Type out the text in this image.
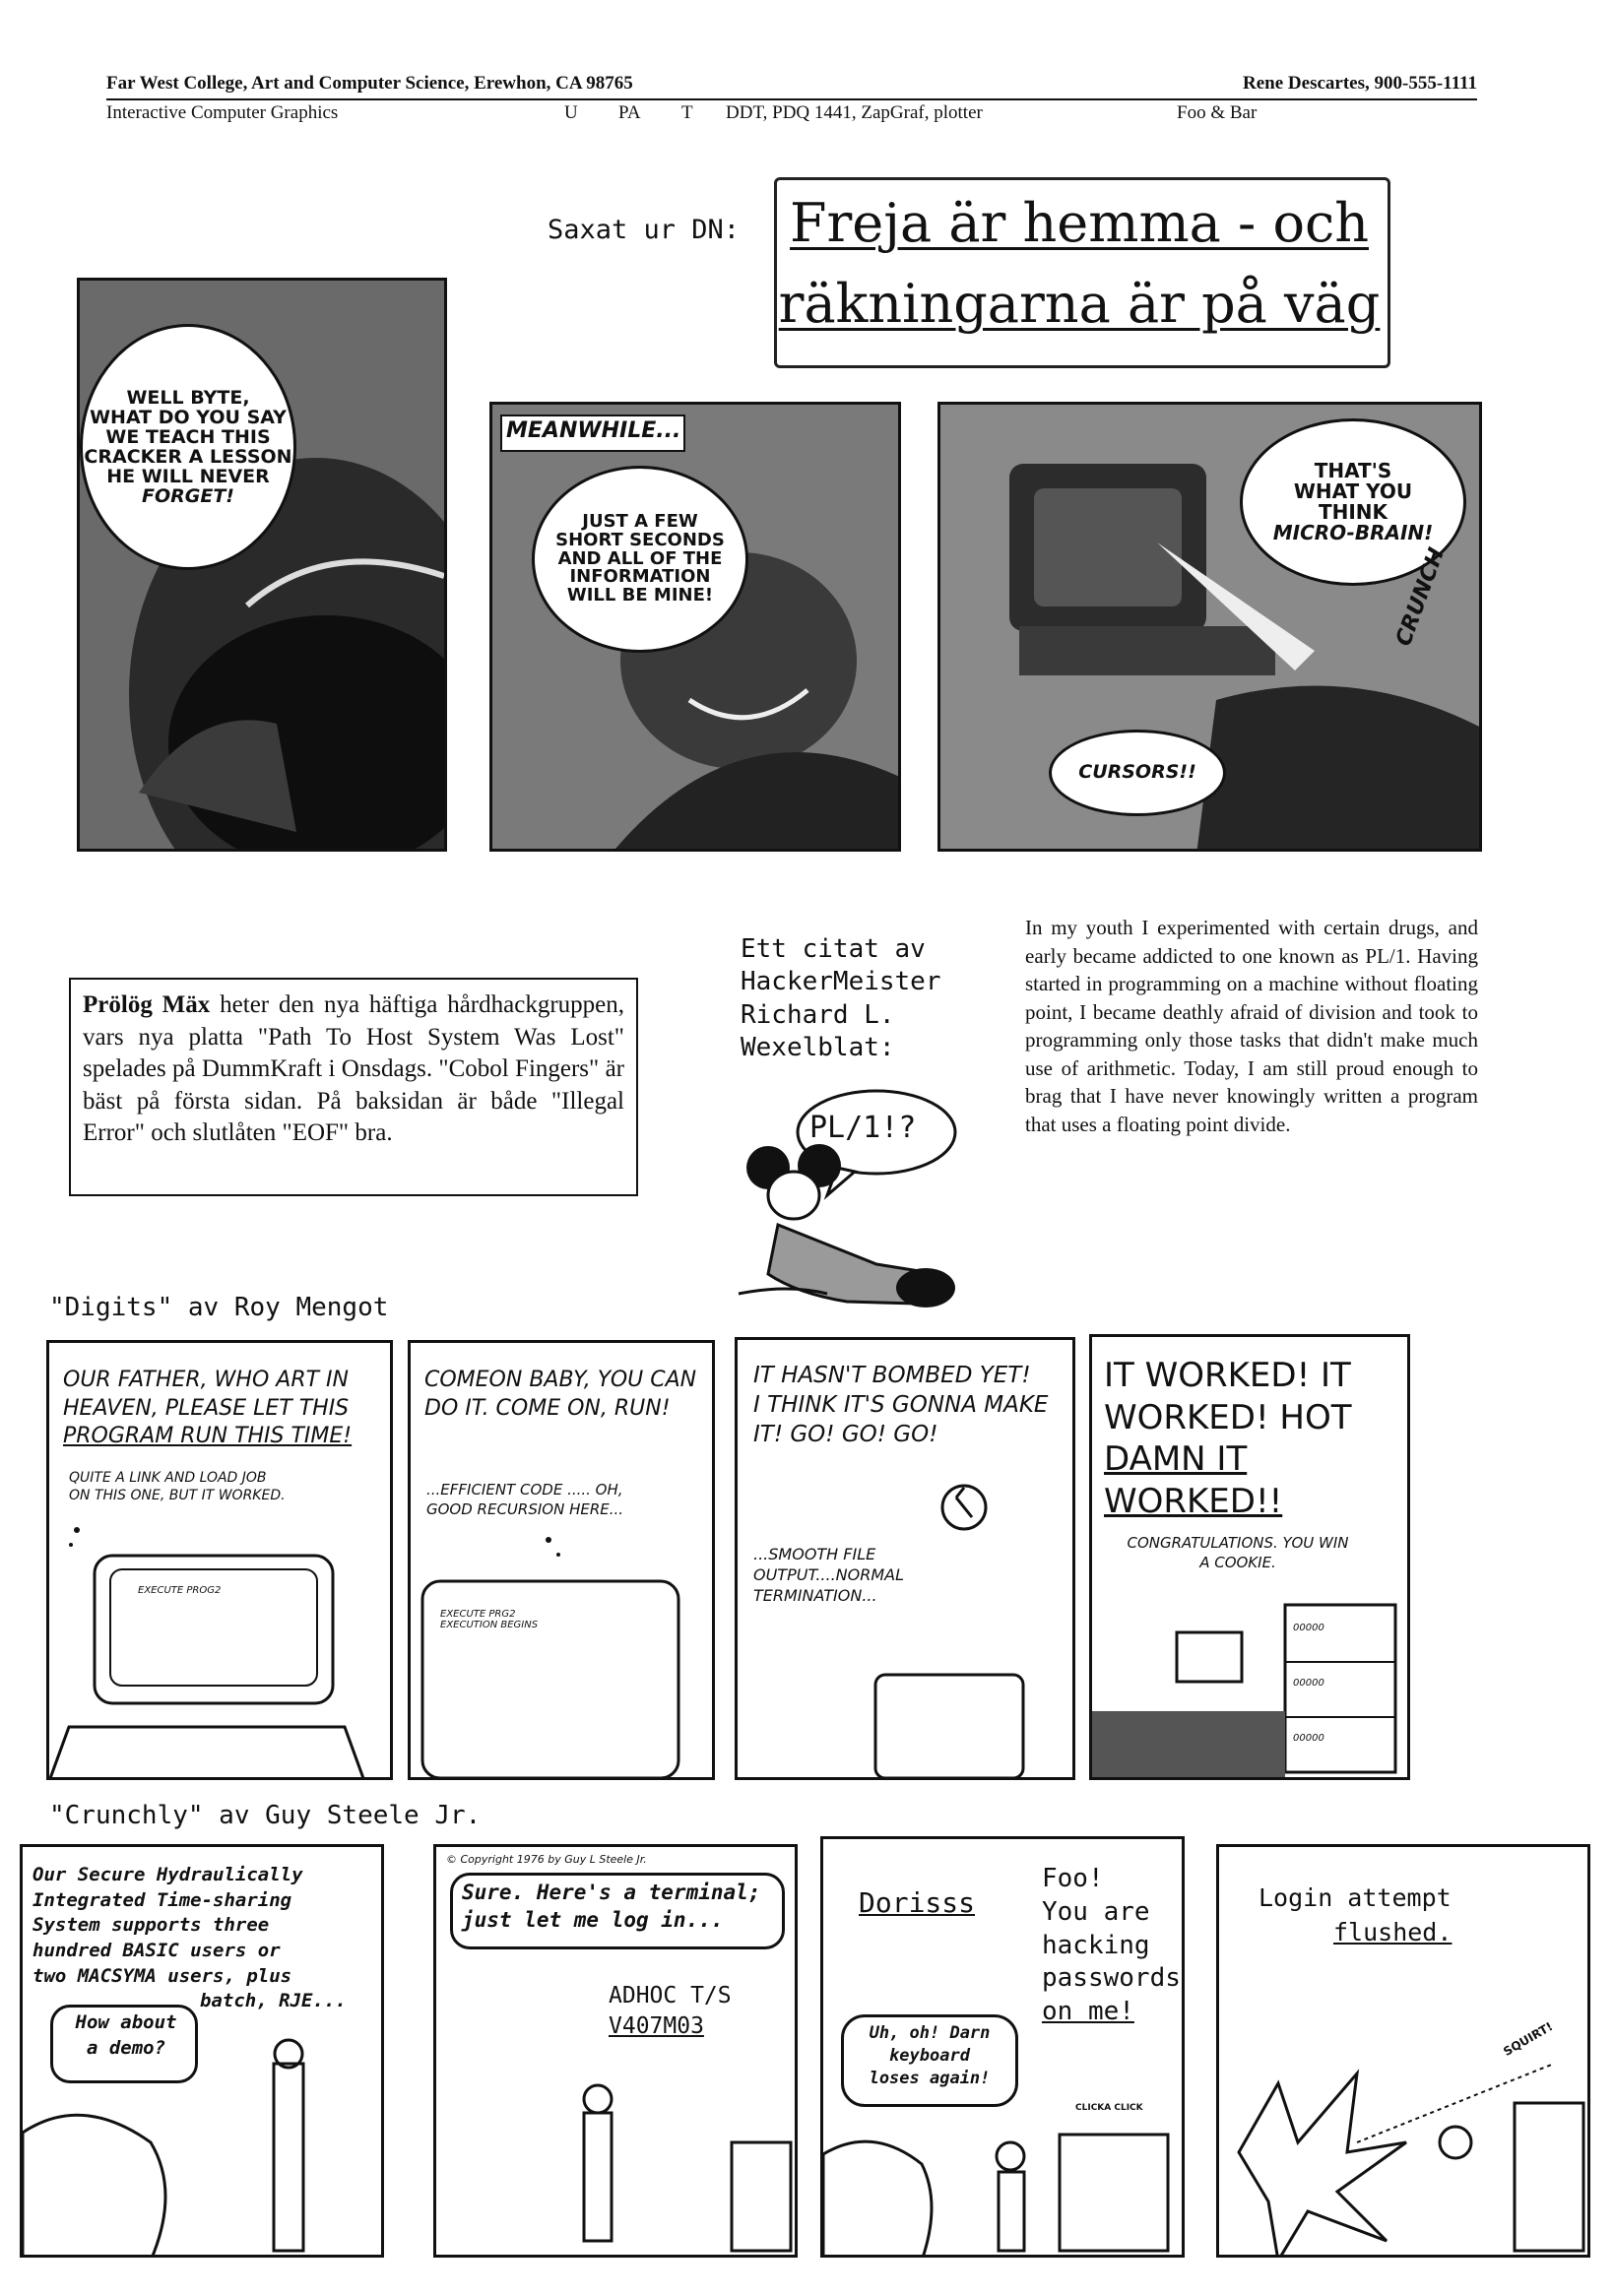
Far West College, Art and Computer Science, Erewhon, CA 98765	Rene Descartes, 900-555-1111
Interactive Computer Graphics	U PA T DDT, PDQ 1441, ZapGraf, plotter	Foo & Bar
Saxat ur DN: Freja är hemma - och
räkningarna är på väg
WELL BYTE,
WHAT DO YOU SAY
WE TEACH THIS
CRACKER A LESSON
HE WILL NEVER
FORGET!
MEANWHILE...
JUST A FEW
SHORT SECONDS
AND ALL OF THE
INFORMATION
WILL BE MINE!
THAT'S
WHAT YOU
THINK
MICRO-BRAIN!
CRUNCH
CURSORS!!
Prölög Mäx heter den nya häftiga hårdhackgruppen, vars nya platta "Path To Host System Was Lost" spelades på DummKraft i Onsdags. "Cobol Fingers" är bäst på första sidan. På baksidan är både "Illegal Error" och slutlåten "EOF" bra.
Ett citat av
HackerMeister
Richard L.
Wexelblat:
PL/1!?
In my youth I experimented with certain drugs, and early became addicted to one known as PL/1. Having started in programming on a machine without floating point, I became deathly afraid of division and took to programming only those tasks that didn't make much use of arithmetic. Today, I am still proud enough to brag that I have never knowingly written a program that uses a floating point divide.
"Digits" av Roy Mengot
OUR FATHER, WHO ART IN
HEAVEN, PLEASE LET THIS
PROGRAM RUN THIS TIME!
QUITE A LINK AND LOAD JOB
ON THIS ONE, BUT IT WORKED.
EXECUTE PROG2
COMEON BABY, YOU CAN
DO IT. COME ON, RUN!
...EFFICIENT CODE ..... OH,
GOOD RECURSION HERE...
EXECUTE PRG2
EXECUTION BEGINS
IT HASN'T BOMBED YET!
I THINK IT'S GONNA MAKE
IT! GO! GO! GO!
...SMOOTH FILE
OUTPUT....NORMAL
TERMINATION...
IT WORKED! IT
WORKED! HOT
DAMN IT WORKED!!
CONGRATULATIONS. YOU WIN
A COOKIE.
00000
00000
00000
"Crunchly" av Guy Steele Jr.
Our Secure Hydraulically
Integrated Time-sharing
System supports three
hundred BASIC users or
two MACSYMA users, plus
batch, RJE...
How about
a demo?
© Copyright 1976 by Guy L Steele Jr.
Sure. Here's a terminal;
just let me log in...
ADHOC T/S
V407M03
Dorisss
Foo!
You are
hacking
passwords
on me!
Uh, oh! Darn
keyboard
loses again!
CLICKA CLICK
Login attempt
flushed.
SQUIRT!
